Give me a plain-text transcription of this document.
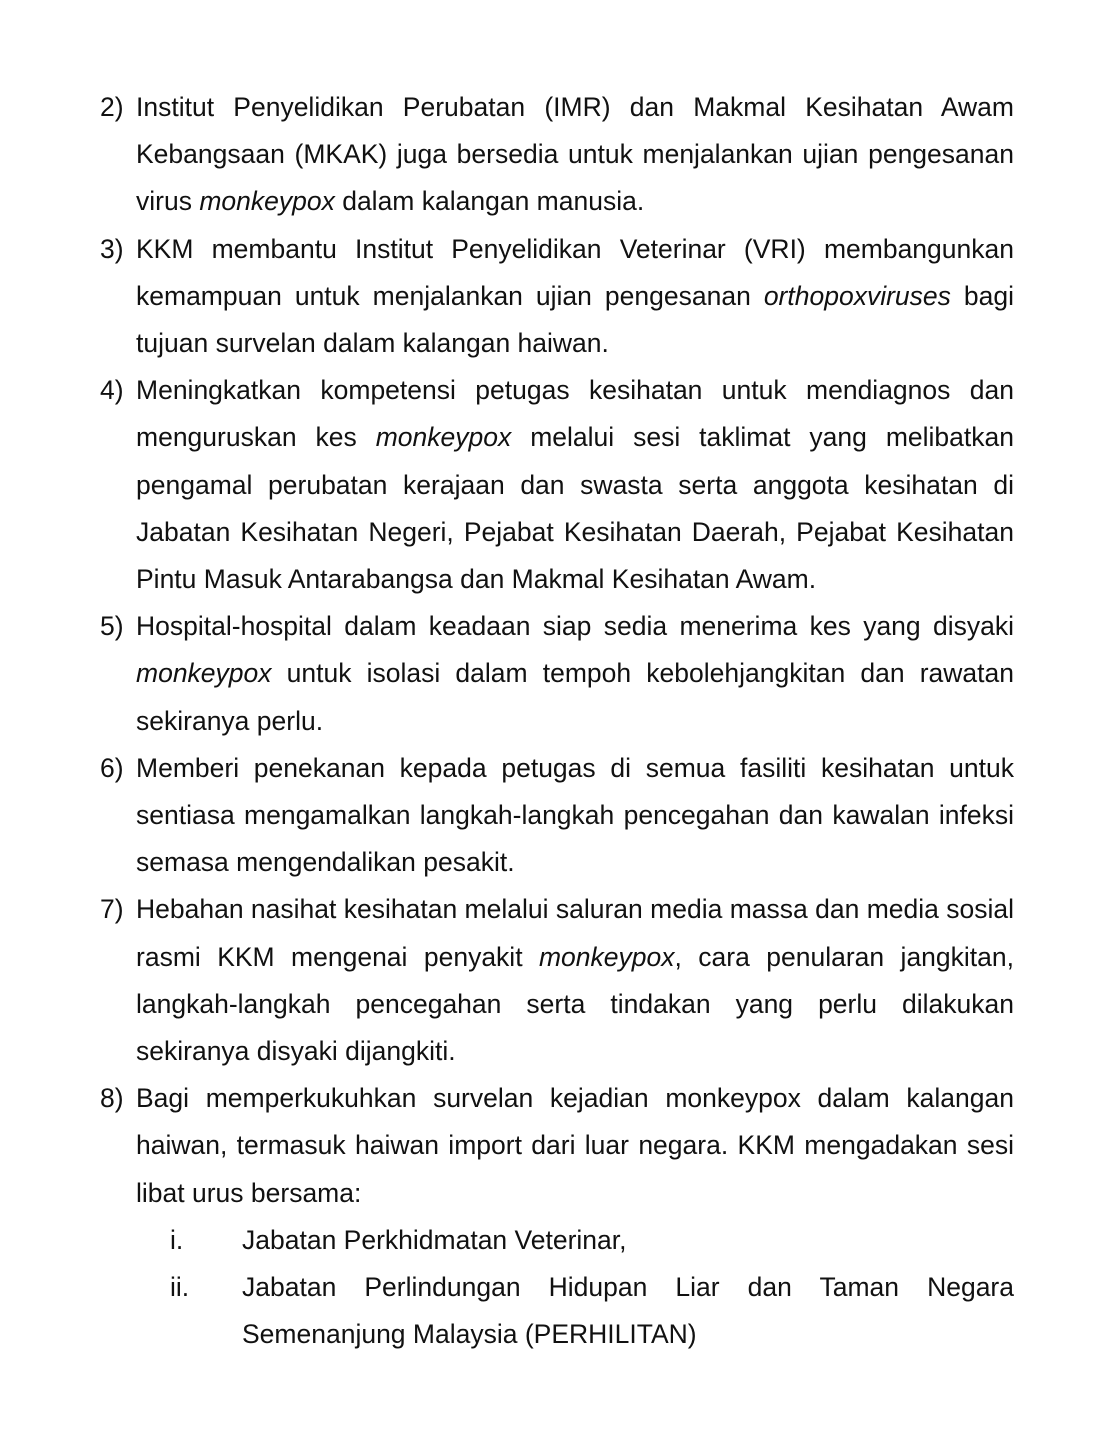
2) Institut Penyelidikan Perubatan (IMR) dan Makmal Kesihatan Awam Kebangsaan (MKAK) juga bersedia untuk menjalankan ujian pengesanan virus monkeypox dalam kalangan manusia.
3) KKM membantu Institut Penyelidikan Veterinar (VRI) membangunkan kemampuan untuk menjalankan ujian pengesanan orthopoxviruses bagi tujuan survelan dalam kalangan haiwan.
4) Meningkatkan kompetensi petugas kesihatan untuk mendiagnos dan menguruskan kes monkeypox melalui sesi taklimat yang melibatkan pengamal perubatan kerajaan dan swasta serta anggota kesihatan di Jabatan Kesihatan Negeri, Pejabat Kesihatan Daerah, Pejabat Kesihatan Pintu Masuk Antarabangsa dan Makmal Kesihatan Awam.
5) Hospital-hospital dalam keadaan siap sedia menerima kes yang disyaki monkeypox untuk isolasi dalam tempoh kebolehjangkitan dan rawatan sekiranya perlu.
6) Memberi penekanan kepada petugas di semua fasiliti kesihatan untuk sentiasa mengamalkan langkah-langkah pencegahan dan kawalan infeksi semasa mengendalikan pesakit.
7) Hebahan nasihat kesihatan melalui saluran media massa dan media sosial rasmi KKM mengenai penyakit monkeypox, cara penularan jangkitan, langkah-langkah pencegahan serta tindakan yang perlu dilakukan sekiranya disyaki dijangkiti.
8) Bagi memperkukuhkan survelan kejadian monkeypox dalam kalangan haiwan, termasuk haiwan import dari luar negara. KKM mengadakan sesi libat urus bersama:
i. Jabatan Perkhidmatan Veterinar,
ii. Jabatan Perlindungan Hidupan Liar dan Taman Negara Semenanjung Malaysia (PERHILITAN)
